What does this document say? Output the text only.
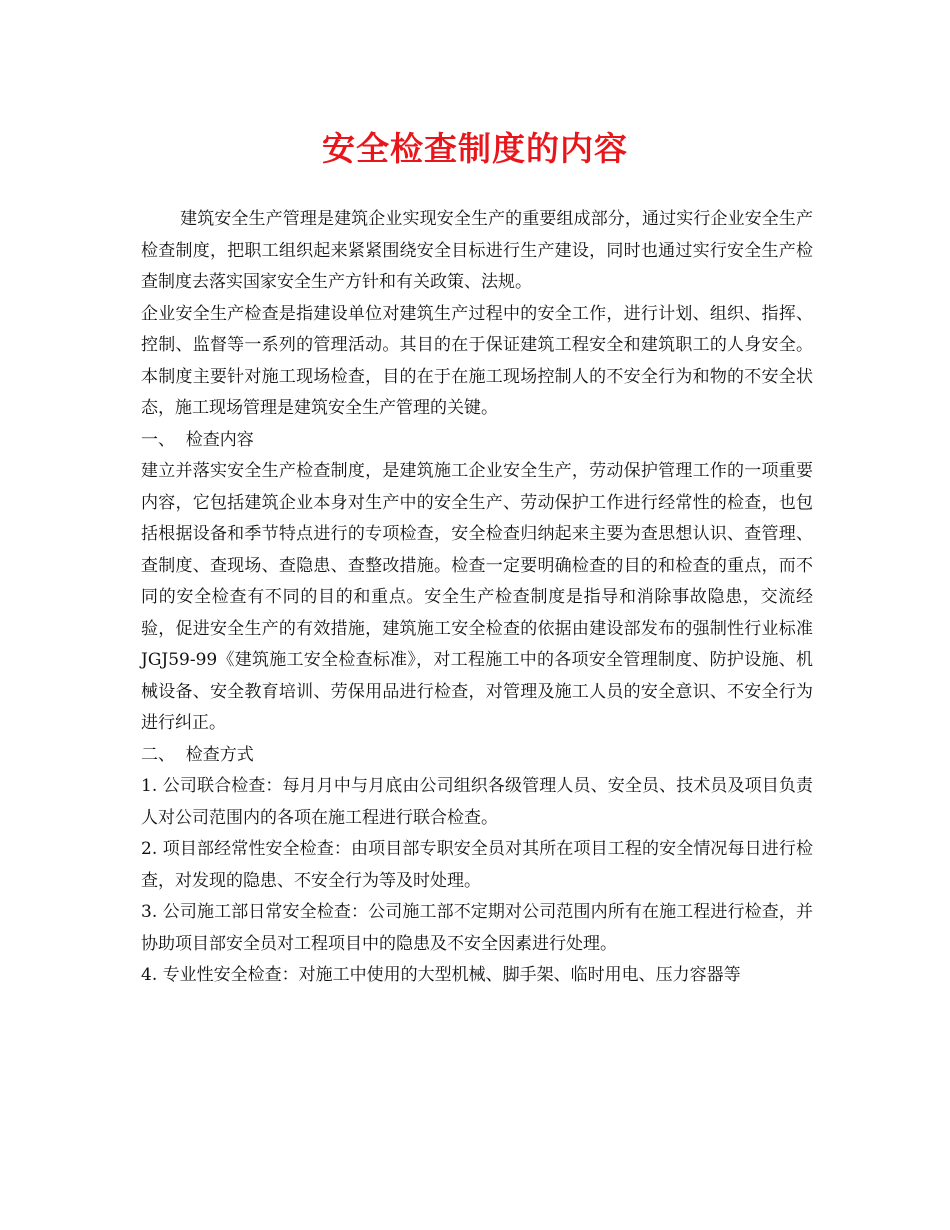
安全检查制度的内容

建筑安全生产管理是建筑企业实现安全生产的重要组成部分，通过实行企业安全生产检查制度，把职工组织起来紧紧围绕安全目标进行生产建设，同时也通过实行安全生产检查制度去落实国家安全生产方针和有关政策、法规。

企业安全生产检查是指建设单位对建筑生产过程中的安全工作，进行计划、组织、指挥、控制、监督等一系列的管理活动。其目的在于保证建筑工程安全和建筑职工的人身安全。本制度主要针对施工现场检查，目的在于在施工现场控制人的不安全行为和物的不安全状态，施工现场管理是建筑安全生产管理的关键。

一、  检查内容

建立并落实安全生产检查制度，是建筑施工企业安全生产，劳动保护管理工作的一项重要内容，它包括建筑企业本身对生产中的安全生产、劳动保护工作进行经常性的检查，也包括根据设备和季节特点进行的专项检查，安全检查归纳起来主要为查思想认识、查管理、查制度、查现场、查隐患、查整改措施。检查一定要明确检查的目的和检查的重点，而不同的安全检查有不同的目的和重点。安全生产检查制度是指导和消除事故隐患，交流经验，促进安全生产的有效措施，建筑施工安全检查的依据由建设部发布的强制性行业标准 JGJ59-99《建筑施工安全检查标准》，对工程施工中的各项安全管理制度、防护设施、机械设备、安全教育培训、劳保用品进行检查，对管理及施工人员的安全意识、不安全行为进行纠正。

二、  检查方式

1. 公司联合检查：每月月中与月底由公司组织各级管理人员、安全员、技术员及项目负责人对公司范围内的各项在施工程进行联合检查。

2. 项目部经常性安全检查：由项目部专职安全员对其所在项目工程的安全情况每日进行检查，对发现的隐患、不安全行为等及时处理。

3. 公司施工部日常安全检查：公司施工部不定期对公司范围内所有在施工程进行检查，并协助项目部安全员对工程项目中的隐患及不安全因素进行处理。

4. 专业性安全检查：对施工中使用的大型机械、脚手架、临时用电、压力容器等
